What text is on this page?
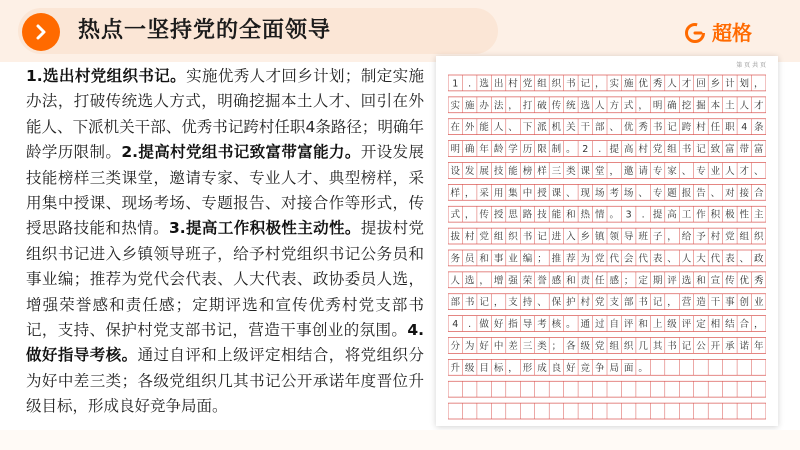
热点一坚持党的全面领导	超格
1.选出村党组织书记。实施优秀人才回乡计划；制定实施办法，打破传统选人方式，明确挖掘本土人才、回引在外能人、下派机关干部、优秀书记跨村任职4条路径；明确年龄学历限制。2.提高村党组书记致富带富能力。开设发展技能榜样三类课堂，邀请专家、专业人才、典型榜样，采用集中授课、现场考场、专题报告、对接合作等形式，传授思路技能和热情。3.提高工作积极性主动性。提拔村党组织书记进入乡镇领导班子，给予村党组织书记公务员和事业编；推荐为党代会代表、人大代表、政协委员人选，增强荣誉感和责任感；定期评选和宣传优秀村党支部书记，支持、保护村党支部书记，营造干事创业的氛围。4.做好指导考核。通过自评和上级评定相结合，将党组织分为好中差三类；各级党组织几其书记公开承诺年度晋位升级目标，形成良好竞争局面。
第 页 共 页
1 . 选 出 村 党 组 织 书 记 ， 实 施 优 秀 人 才 回 乡 计 划 ，
实 施 办 法 ， 打 破 传 统 选 人 方 式 ， 明 确 挖 掘 本 土 人 才
在 外 能 人 、 下 派 机 关 干 部 、 优 秀 书 记 跨 村 任 职 4 条
明 确 年 龄 学 历 限 制 。 2 . 提 高 村 党 组 书 记 致 富 带 富
设 发 展 技 能 榜 样 三 类 课 堂 ， 邀 请 专 家 、 专 业 人 才 、
样 ， 采 用 集 中 授 课 、 现 场 考 场 、 专 题 报 告 、 对 接 合
式 ， 传 授 思 路 技 能 和 热 情 。 3 . 提 高 工 作 积 极 性 主
拔 村 党 组 织 书 记 进 入 乡 镇 领 导 班 子 ， 给 予 村 党 组 织
务 员 和 事 业 编 ； 推 荐 为 党 代 会 代 表 、 人 大 代 表 、 政
人 选 ， 增 强 荣 誉 感 和 责 任 感 ； 定 期 评 选 和 宣 传 优 秀
部 书 记 ， 支 持 、 保 护 村 党 支 部 书 记 ， 营 造 干 事 创 业
4 . 做 好 指 导 考 核 。 通 过 自 评 和 上 级 评 定 相 结 合 ，
分 为 好 中 差 三 类 ； 各 级 党 组 织 几 其 书 记 公 开 承 诺 年
升 级 目 标 ， 形 成 良 好 竞 争 局 面 。
